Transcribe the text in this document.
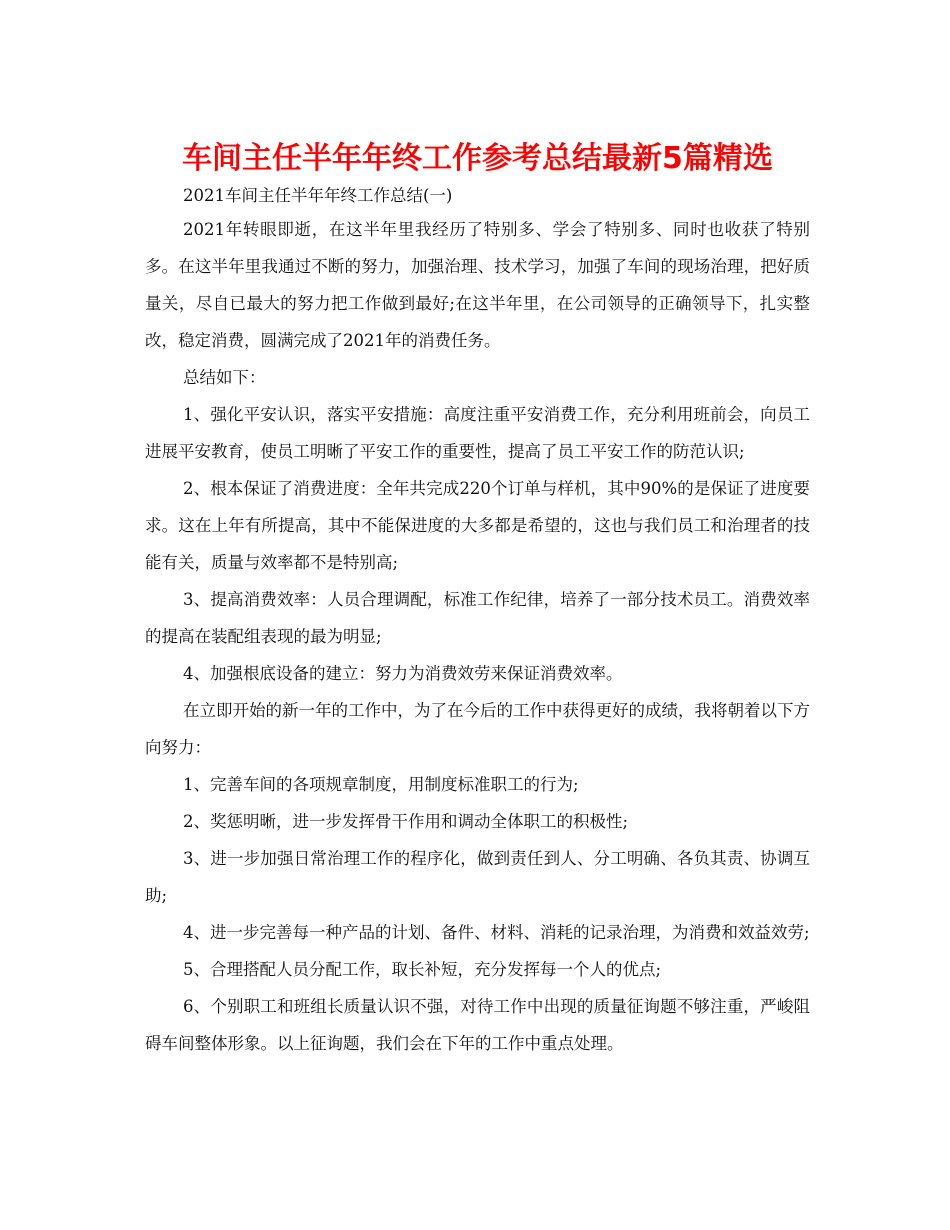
车间主任半年年终工作参考总结最新5篇精选

2021车间主任半年年终工作总结(一)

2021年转眼即逝，在这半年里我经历了特别多、学会了特别多、同时也收获了特别多。在这半年里我通过不断的努力，加强治理、技术学习，加强了车间的现场治理，把好质量关，尽自已最大的努力把工作做到最好;在这半年里，在公司领导的正确领导下，扎实整改，稳定消费，圆满完成了2021年的消费任务。

总结如下：

1、强化平安认识，落实平安措施：高度注重平安消费工作，充分利用班前会，向员工进展平安教育，使员工明晰了平安工作的重要性，提高了员工平安工作的防范认识;

2、根本保证了消费进度：全年共完成220个订单与样机，其中90%的是保证了进度要求。这在上年有所提高，其中不能保进度的大多都是希望的，这也与我们员工和治理者的技能有关，质量与效率都不是特别高;

3、提高消费效率：人员合理调配，标准工作纪律，培养了一部分技术员工。消费效率的提高在装配组表现的最为明显;

4、加强根底设备的建立：努力为消费效劳来保证消费效率。

在立即开始的新一年的工作中，为了在今后的工作中获得更好的成绩，我将朝着以下方向努力：

1、完善车间的各项规章制度，用制度标准职工的行为;

2、奖惩明晰，进一步发挥骨干作用和调动全体职工的积极性;

3、进一步加强日常治理工作的程序化，做到责任到人、分工明确、各负其责、协调互助;

4、进一步完善每一种产品的计划、备件、材料、消耗的记录治理，为消费和效益效劳;

5、合理搭配人员分配工作，取长补短，充分发挥每一个人的优点;

6、个别职工和班组长质量认识不强，对待工作中出现的质量征询题不够注重，严峻阻碍车间整体形象。以上征询题，我们会在下年的工作中重点处理。
